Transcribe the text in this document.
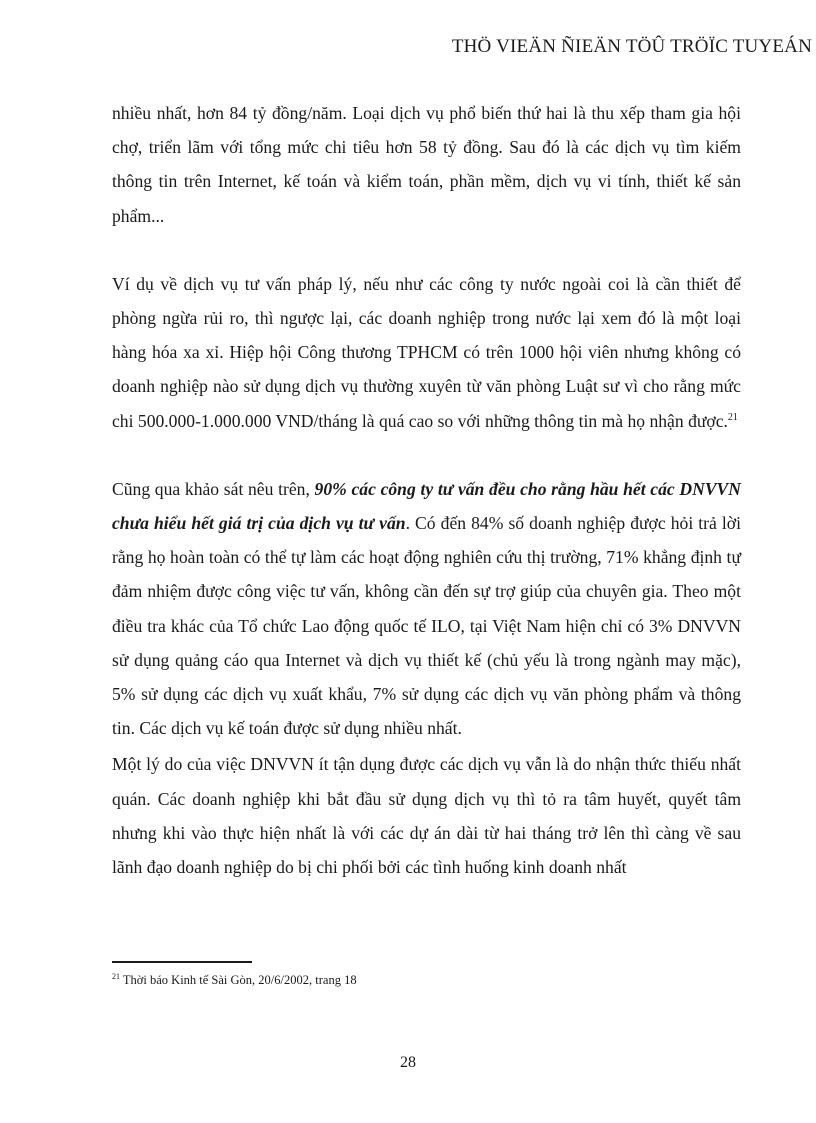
THÖ VIEÄN ÑIEÄN TÖÛ TRÖÏC TUYEÁN

nhiều nhất, hơn 84 tỷ đồng/năm. Loại dịch vụ phổ biến thứ hai là thu xếp tham gia hội chợ, triển lãm với tổng mức chi tiêu hơn 58 tỷ đồng. Sau đó là các dịch vụ tìm kiếm thông tin trên Internet, kế toán và kiểm toán, phần mềm, dịch vụ vi tính, thiết kế sản phẩm...

Ví dụ về dịch vụ tư vấn pháp lý, nếu như các công ty nước ngoài coi là cần thiết để phòng ngừa rủi ro, thì ngược lại, các doanh nghiệp trong nước lại xem đó là một loại hàng hóa xa xỉ. Hiệp hội Công thương TPHCM có trên 1000 hội viên nhưng không có doanh nghiệp nào sử dụng dịch vụ thường xuyên từ văn phòng Luật sư vì cho rằng mức chi 500.000-1.000.000 VND/tháng là quá cao so với những thông tin mà họ nhận được.$^{21}$

Cũng qua khảo sát nêu trên, 90% các công ty tư vấn đều cho rằng hầu hết các DNVVN chưa hiểu hết giá trị của dịch vụ tư vấn. Có đến 84% số doanh nghiệp được hỏi trả lời rằng họ hoàn toàn có thể tự làm các hoạt động nghiên cứu thị trường, 71% khẳng định tự đảm nhiệm được công việc tư vấn, không cần đến sự trợ giúp của chuyên gia. Theo một điều tra khác của Tổ chức Lao động quốc tế ILO, tại Việt Nam hiện chỉ có 3% DNVVN sử dụng quảng cáo qua Internet và dịch vụ thiết kế (chủ yếu là trong ngành may mặc), 5% sử dụng các dịch vụ xuất khẩu, 7% sử dụng các dịch vụ văn phòng phẩm và thông tin. Các dịch vụ kế toán được sử dụng nhiều nhất.

Một lý do của việc DNVVN ít tận dụng được các dịch vụ vẫn là do nhận thức thiếu nhất quán. Các doanh nghiệp khi bắt đầu sử dụng dịch vụ thì tỏ ra tâm huyết, quyết tâm nhưng khi vào thực hiện nhất là với các dự án dài từ hai tháng trở lên thì càng về sau lãnh đạo doanh nghiệp do bị chi phối bởi các tình huống kinh doanh nhất

$^{21}$ Thời báo Kinh tế Sài Gòn, 20/6/2002, trang 18
28
